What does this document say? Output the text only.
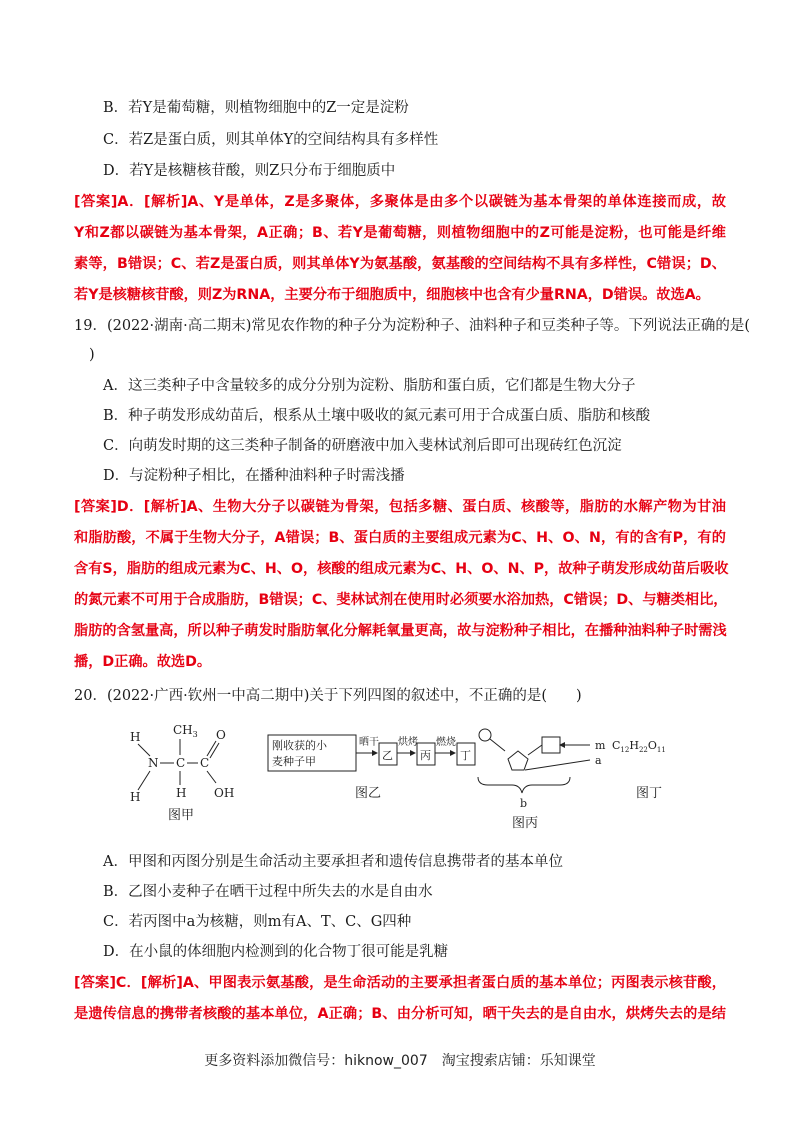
B．若Y是葡萄糖，则植物细胞中的Z一定是淀粉
C．若Z是蛋白质，则其单体Y的空间结构具有多样性
D．若Y是核糖核苷酸，则Z只分布于细胞质中
[答案]A．[解析]A、Y是单体，Z是多聚体，多聚体是由多个以碳链为基本骨架的单体连接而成，故
Y和Z都以碳链为基本骨架，A正确；B、若Y是葡萄糖，则植物细胞中的Z可能是淀粉，也可能是纤维
素等，B错误；C、若Z是蛋白质，则其单体Y为氨基酸，氨基酸的空间结构不具有多样性，C错误；D、
若Y是核糖核苷酸，则Z为RNA，主要分布于细胞质中，细胞核中也含有少量RNA，D错误。故选A。
19．(2022·湖南·高二期末)常见农作物的种子分为淀粉种子、油料种子和豆类种子等。下列说法正确的是(
)
A．这三类种子中含量较多的成分分别为淀粉、脂肪和蛋白质，它们都是生物大分子
B．种子萌发形成幼苗后，根系从土壤中吸收的氮元素可用于合成蛋白质、脂肪和核酸
C．向萌发时期的这三类种子制备的研磨液中加入斐林试剂后即可出现砖红色沉淀
D．与淀粉种子相比，在播种油料种子时需浅播
[答案]D．[解析]A、生物大分子以碳链为骨架，包括多糖、蛋白质、核酸等，脂肪的水解产物为甘油
和脂肪酸，不属于生物大分子，A错误；B、蛋白质的主要组成元素为C、H、O、N，有的含有P，有的
含有S，脂肪的组成元素为C、H、O，核酸的组成元素为C、H、O、N、P，故种子萌发形成幼苗后吸收
的氮元素不可用于合成脂肪，B错误；C、斐林试剂在使用时必须要水浴加热，C错误；D、与糖类相比，
脂肪的含氢量高，所以种子萌发时脂肪氧化分解耗氧量更高，故与淀粉种子相比，在播种油料种子时需浅
播，D正确。故选D。
20．(2022·广西·钦州一中高二期中)关于下列四图的叙述中，不正确的是(　　)
$CH_3$
H
N
H
C
H
C
O
OH
图甲
刚收获的小
麦种子甲
晒干
乙
烘烤
丙
燃烧
丁
图乙
m
a
b
图丙
$C_{12}H_{22}O_{11}$
图丁
A．甲图和丙图分别是生命活动主要承担者和遗传信息携带者的基本单位
B．乙图小麦种子在晒干过程中所失去的水是自由水
C．若丙图中a为核糖，则m有A、T、C、G四种
D．在小鼠的体细胞内检测到的化合物丁很可能是乳糖
[答案]C．[解析]A、甲图表示氨基酸，是生命活动的主要承担者蛋白质的基本单位；丙图表示核苷酸，
是遗传信息的携带者核酸的基本单位，A正确；B、由分析可知，晒干失去的是自由水，烘烤失去的是结
更多资料添加微信号：hiknow_007　淘宝搜索店铺：乐知课堂
